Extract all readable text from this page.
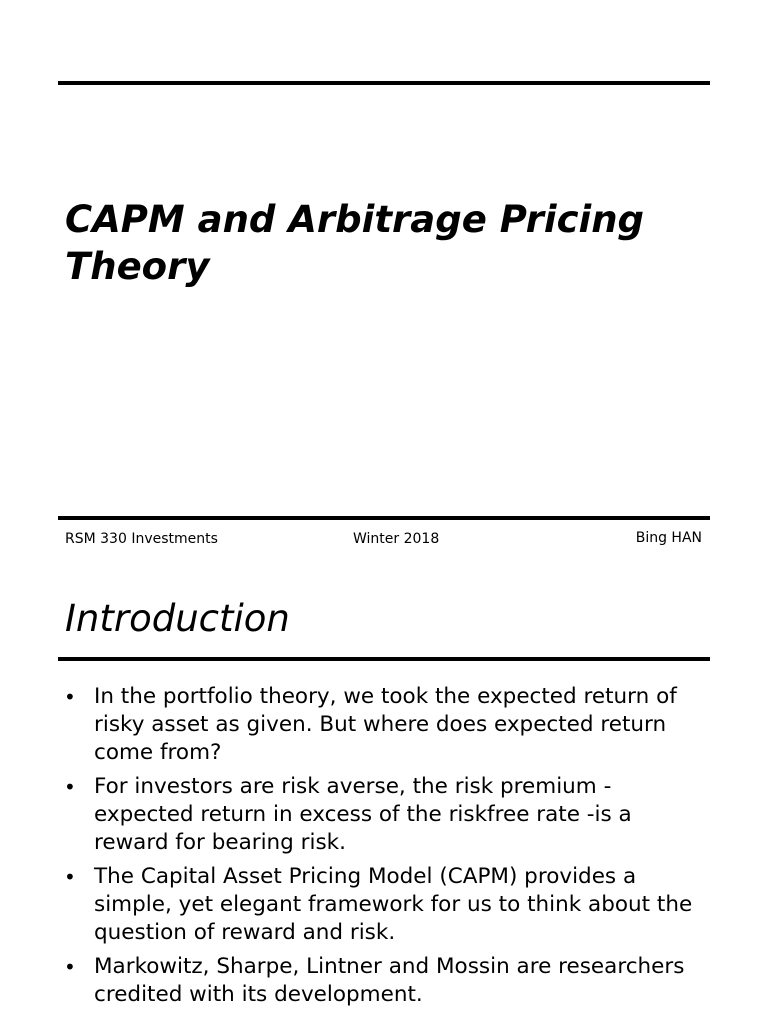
CAPM and Arbitrage Pricing Theory

RSM 330 Investments	Winter 2018	Bing HAN

Introduction
• In the portfolio theory, we took the expected return of risky asset as given. But where does expected return come from?
• For investors are risk averse, the risk premium - expected return in excess of the riskfree rate -is a reward for bearing risk.
• The Capital Asset Pricing Model (CAPM) provides a simple, yet elegant framework for us to think about the question of reward and risk.
• Markowitz, Sharpe, Lintner and Mossin are researchers credited with its development.
